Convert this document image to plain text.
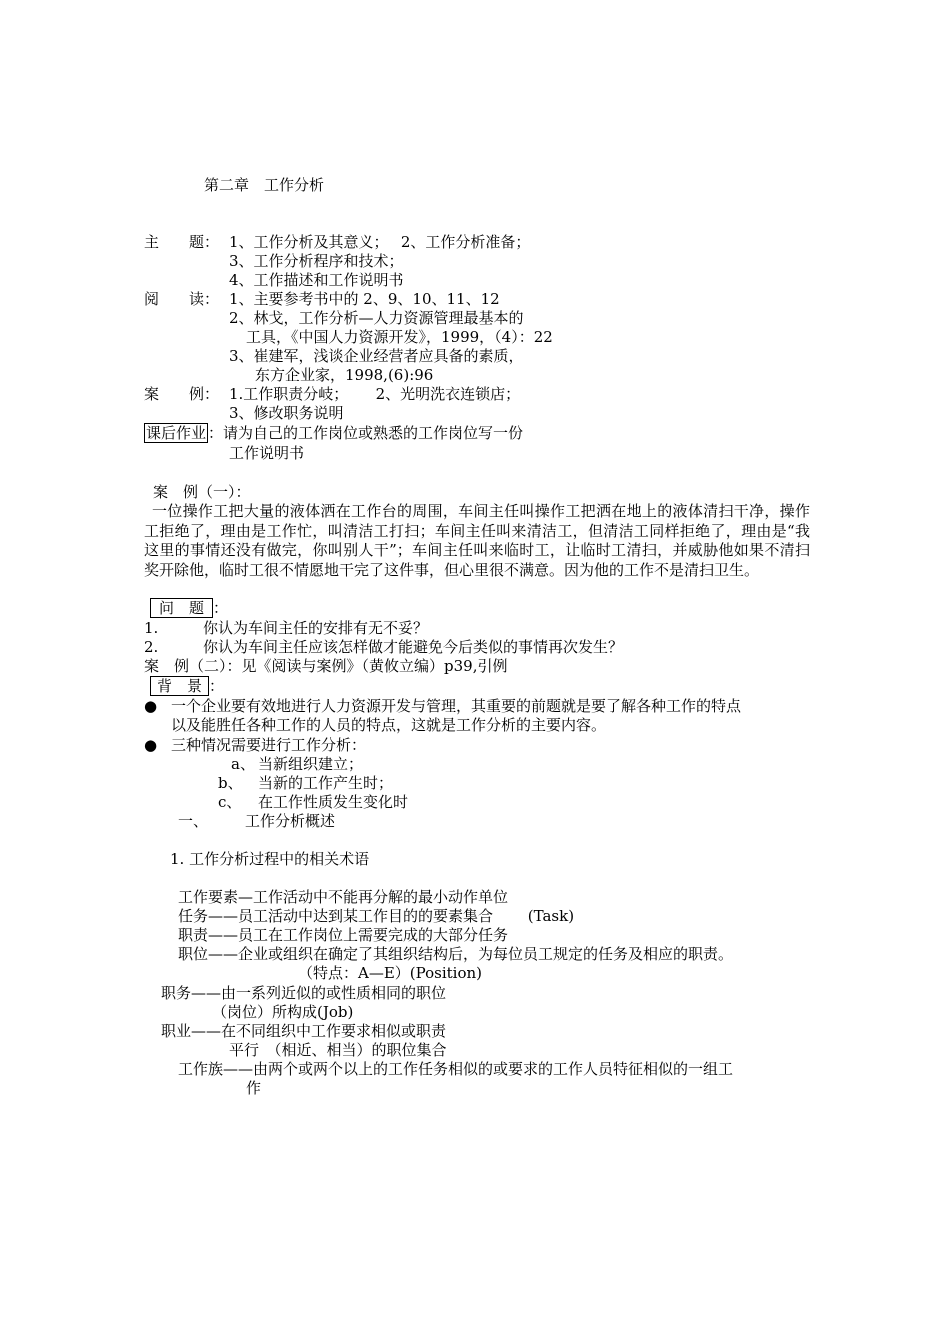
第二章　工作分析
主　　题： 1、工作分析及其意义；　 2、工作分析准备；
3、工作分析程序和技术；
4、工作描述和工作说明书
阅　　读： 1、主要参考书中的 2、9、10、11、12
2、林戈，工作分析—人力资源管理最基本的
工具，《中国人力资源开发》，1999，（4）：22
3、崔建军，浅谈企业经营者应具备的素质，
东方企业家，1998,(6):96
案　　例： 1.工作职责分岐；　　 2、光明洗衣连锁店；
3、修改职务说明
课后作业 ：请为自己的工作岗位或熟悉的工作岗位写一份
工作说明书
案　例（一）：
一位操作工把大量的液体洒在工作台的周围，车间主任叫操作工把洒在地上的液体清扫干净，操作工拒绝了，理由是工作忙，叫清洁工打扫；车间主任叫来清洁工，但清洁工同样拒绝了，理由是“我这里的事情还没有做完，你叫别人干”；车间主任叫来临时工，让临时工清扫，并威胁他如果不清扫奖开除他，临时工很不情愿地干完了这件事，但心里很不满意。因为他的工作不是清扫卫生。
问　题 ：
1.	你认为车间主任的安排有无不妥？
2.	你认为车间主任应该怎样做才能避免今后类似的事情再次发生？
案　例（二）：见《阅读与案例》（黄攸立编）p39,引例
背　景 ：
● 一个企业要有效地进行人力资源开发与管理，其重要的前题就是要了解各种工作的特点
以及能胜任各种工作的人员的特点，这就是工作分析的主要内容。
● 三种情况需要进行工作分析：
a、 当新组织建立；
b、 当新的工作产生时；
c、 在工作性质发生变化时
一、 工作分析概述
1. 工作分析过程中的相关术语
工作要素—工作活动中不能再分解的最小动作单位
任务——员工活动中达到某工作目的的要素集合　　 (Task)
职责——员工在工作岗位上需要完成的大部分任务
职位——企业或组织在确定了其组织结构后，为每位员工规定的任务及相应的职责。
（特点：A—E）(Position)
职务——由一系列近似的或性质相同的职位
（岗位）所构成(Job)
职业——在不同组织中工作要求相似或职责
平行　（相近、相当）的职位集合
工作族——由两个或两个以上的工作任务相似的或要求的工作人员特征相似的一组工
作
